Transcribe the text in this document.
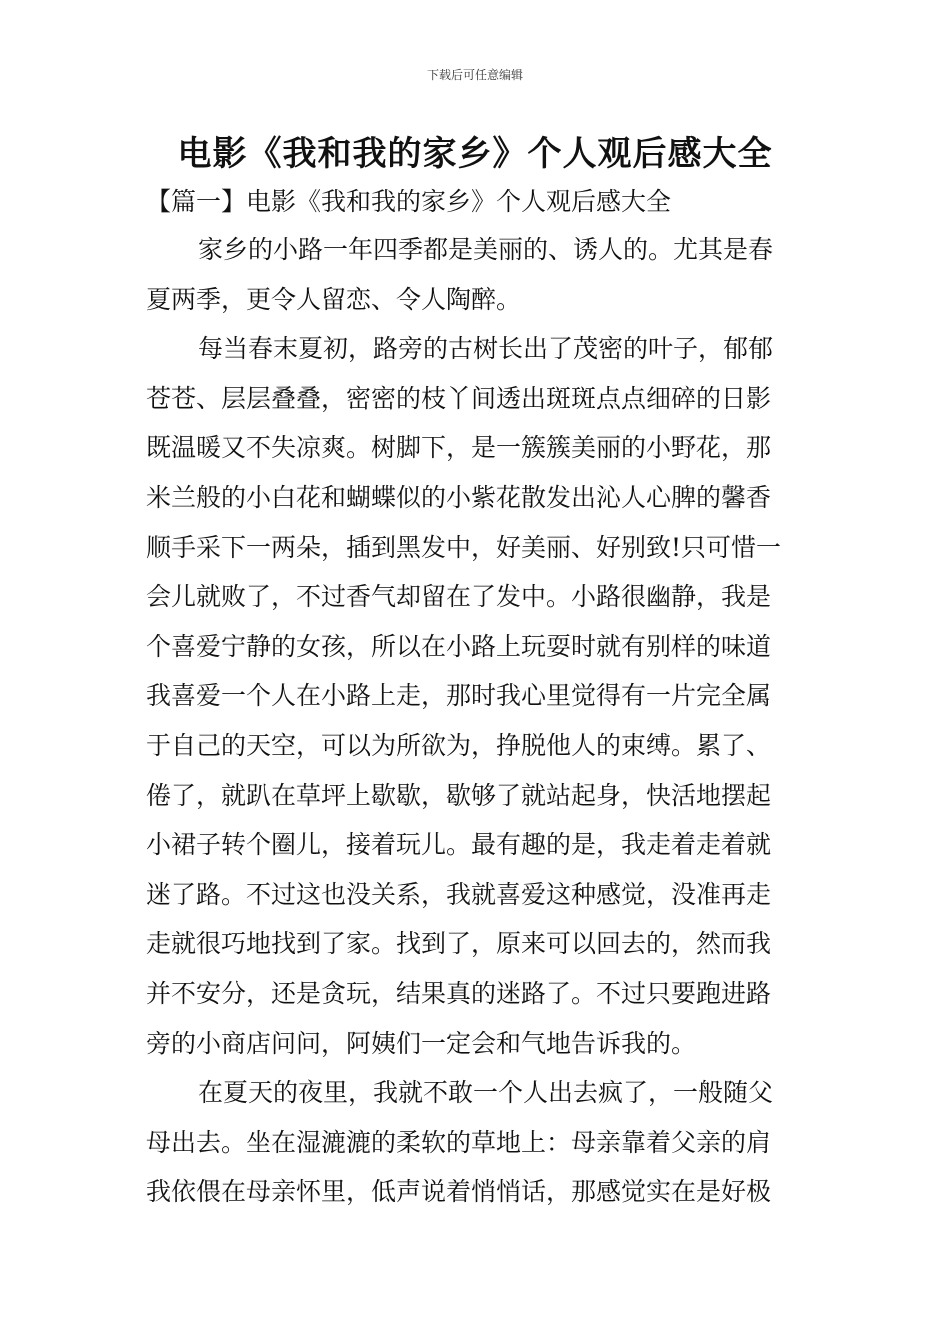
下载后可任意编辑
电影《我和我的家乡》个人观后感大全
【篇一】电影《我和我的家乡》个人观后感大全
家乡的小路一年四季都是美丽的、诱人的。尤其是春
夏两季，更令人留恋、令人陶醉。
每当春末夏初，路旁的古树长出了茂密的叶子，郁郁
苍苍、层层叠叠，密密的枝丫间透出斑斑点点细碎的日影
既温暖又不失凉爽。树脚下，是一簇簇美丽的小野花，那
米兰般的小白花和蝴蝶似的小紫花散发出沁人心脾的馨香
顺手采下一两朵，插到黑发中，好美丽、好别致!只可惜一
会儿就败了，不过香气却留在了发中。小路很幽静，我是
个喜爱宁静的女孩，所以在小路上玩耍时就有别样的味道
我喜爱一个人在小路上走，那时我心里觉得有一片完全属
于自己的天空，可以为所欲为，挣脱他人的束缚。累了、
倦了，就趴在草坪上歇歇，歇够了就站起身，快活地摆起
小裙子转个圈儿，接着玩儿。最有趣的是，我走着走着就
迷了路。不过这也没关系，我就喜爱这种感觉，没准再走
走就很巧地找到了家。找到了，原来可以回去的，然而我
并不安分，还是贪玩，结果真的迷路了。不过只要跑进路
旁的小商店问问，阿姨们一定会和气地告诉我的。
在夏天的夜里，我就不敢一个人出去疯了，一般随父
母出去。坐在湿漉漉的柔软的草地上：母亲靠着父亲的肩
我依偎在母亲怀里，低声说着悄悄话，那感觉实在是好极
